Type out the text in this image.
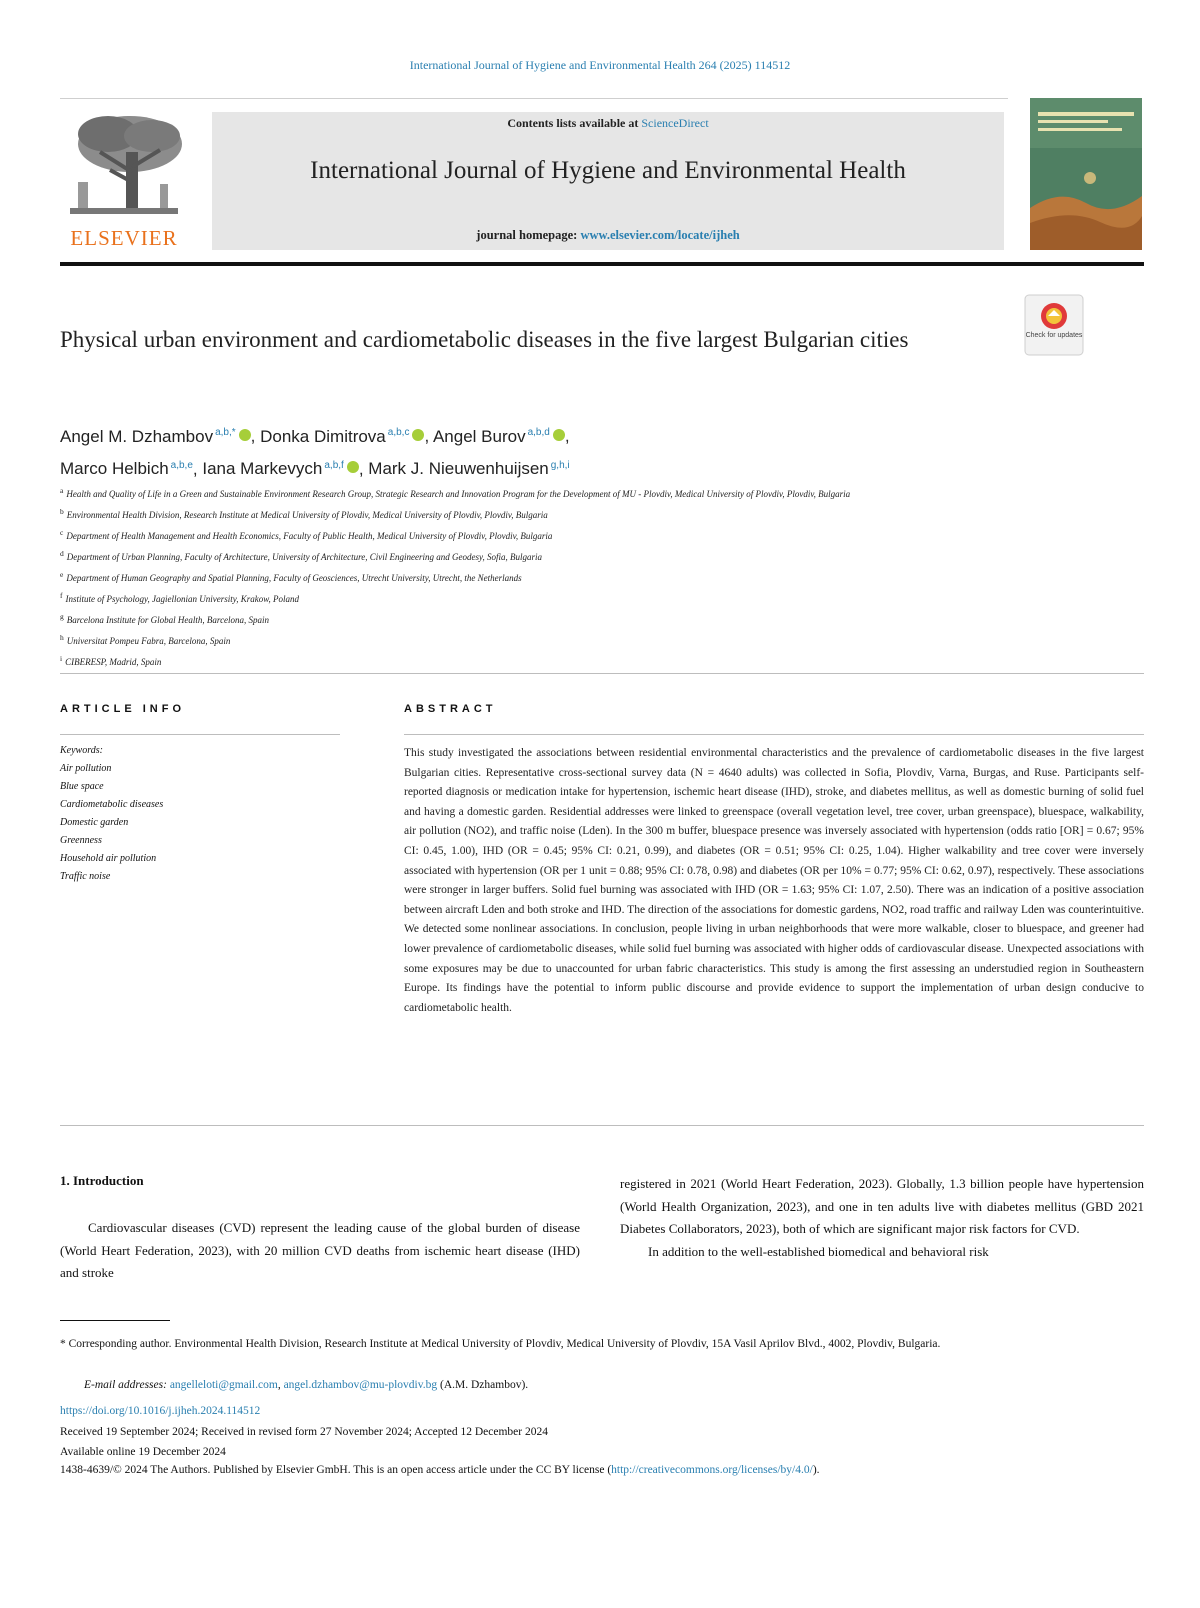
International Journal of Hygiene and Environmental Health 264 (2025) 114512
ELSEVIER
Contents lists available at ScienceDirect
International Journal of Hygiene and Environmental Health
journal homepage: www.elsevier.com/locate/ijheh
Physical urban environment and cardiometabolic diseases in the five largest Bulgarian cities	Check for updates
Angel M. Dzhambov $^{a,b,*}$ , Donka Dimitrova $^{a,b,c}$ , Angel Burov $^{a,b,d}$ ,
Marco Helbich $^{a,b,e}$, Iana Markevych $^{a,b,f}$ , Mark J. Nieuwenhuijsen $^{g,h,i}$
$^a$ Health and Quality of Life in a Green and Sustainable Environment Research Group, Strategic Research and Innovation Program for the Development of MU - Plovdiv, Medical University of Plovdiv, Plovdiv, Bulgaria
$^b$ Environmental Health Division, Research Institute at Medical University of Plovdiv, Medical University of Plovdiv, Plovdiv, Bulgaria
$^c$ Department of Health Management and Health Economics, Faculty of Public Health, Medical University of Plovdiv, Plovdiv, Bulgaria
$^d$ Department of Urban Planning, Faculty of Architecture, University of Architecture, Civil Engineering and Geodesy, Sofia, Bulgaria
$^e$ Department of Human Geography and Spatial Planning, Faculty of Geosciences, Utrecht University, Utrecht, the Netherlands
$^f$ Institute of Psychology, Jagiellonian University, Krakow, Poland
$^g$ Barcelona Institute for Global Health, Barcelona, Spain
$^h$ Universitat Pompeu Fabra, Barcelona, Spain
$^i$ CIBERESP, Madrid, Spain
ARTICLE INFO
Keywords:
Air pollution
Blue space
Cardiometabolic diseases
Domestic garden
Greenness
Household air pollution
Traffic noise
ABSTRACT
This study investigated the associations between residential environmental characteristics and the prevalence of cardiometabolic diseases in the five largest Bulgarian cities. Representative cross-sectional survey data (N = 4640 adults) was collected in Sofia, Plovdiv, Varna, Burgas, and Ruse. Participants self-reported diagnosis or medication intake for hypertension, ischemic heart disease (IHD), stroke, and diabetes mellitus, as well as domestic burning of solid fuel and having a domestic garden. Residential addresses were linked to greenspace (overall vegetation level, tree cover, urban greenspace), bluespace, walkability, air pollution (NO2), and traffic noise (Lden). In the 300 m buffer, bluespace presence was inversely associated with hypertension (odds ratio [OR] = 0.67; 95% CI: 0.45, 1.00), IHD (OR = 0.45; 95% CI: 0.21, 0.99), and diabetes (OR = 0.51; 95% CI: 0.25, 1.04). Higher walkability and tree cover were inversely associated with hypertension (OR per 1 unit = 0.88; 95% CI: 0.78, 0.98) and diabetes (OR per 10% = 0.77; 95% CI: 0.62, 0.97), respectively. These associations were stronger in larger buffers. Solid fuel burning was associated with IHD (OR = 1.63; 95% CI: 1.07, 2.50). There was an indication of a positive association between aircraft Lden and both stroke and IHD. The direction of the associations for domestic gardens, NO2, road traffic and railway Lden was counterintuitive. We detected some nonlinear associations. In conclusion, people living in urban neighborhoods that were more walkable, closer to bluespace, and greener had lower prevalence of cardiometabolic diseases, while solid fuel burning was associated with higher odds of cardiovascular disease. Unexpected associations with some exposures may be due to unaccounted for urban fabric characteristics. This study is among the first assessing an understudied region in Southeastern Europe. Its findings have the potential to inform public discourse and provide evidence to support the implementation of urban design conducive to cardiometabolic health.
1. Introduction
Cardiovascular diseases (CVD) represent the leading cause of the global burden of disease (World Heart Federation, 2023), with 20 million CVD deaths from ischemic heart disease (IHD) and stroke
registered in 2021 (World Heart Federation, 2023). Globally, 1.3 billion people have hypertension (World Health Organization, 2023), and one in ten adults live with diabetes mellitus (GBD 2021 Diabetes Collaborators, 2023), both of which are significant major risk factors for CVD.
In addition to the well-established biomedical and behavioral risk
* Corresponding author. Environmental Health Division, Research Institute at Medical University of Plovdiv, Medical University of Plovdiv, 15A Vasil Aprilov Blvd., 4002, Plovdiv, Bulgaria.
E-mail addresses: angelleloti@gmail.com, angel.dzhambov@mu-plovdiv.bg (A.M. Dzhambov).
https://doi.org/10.1016/j.ijheh.2024.114512
Received 19 September 2024; Received in revised form 27 November 2024; Accepted 12 December 2024
Available online 19 December 2024
1438-4639/© 2024 The Authors. Published by Elsevier GmbH. This is an open access article under the CC BY license (http://creativecommons.org/licenses/by/4.0/).
